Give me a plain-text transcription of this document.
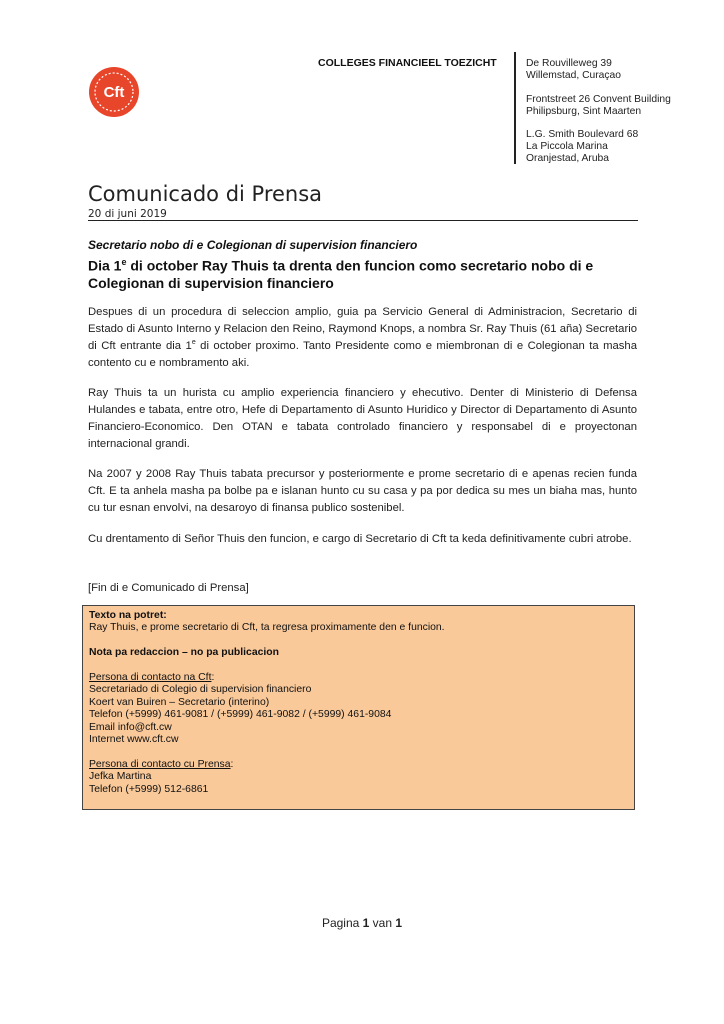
Cft
COLLEGES FINANCIEEL TOEZICHT	De Rouvilleweg 39
Willemstad, Curaçao
Frontstreet 26 Convent Building
Philipsburg, Sint Maarten
L.G. Smith Boulevard 68
La Piccola Marina
Oranjestad, Aruba
Comunicado di Prensa
20 di juni 2019
Secretario nobo di e Colegionan di supervision financiero
Dia 1e di october Ray Thuis ta drenta den funcion como secretario nobo di e Colegionan di supervision financiero
Despues di un procedura di seleccion amplio, guia pa Servicio General di Administracion, Secretario di Estado di Asunto Interno y Relacion den Reino, Raymond Knops, a nombra Sr. Ray Thuis (61 aña) Secretario di Cft entrante dia 1e di october proximo. Tanto Presidente como e miembronan di e Colegionan ta masha contento cu e nombramento aki.
Ray Thuis ta un hurista cu amplio experiencia financiero y ehecutivo. Denter di Ministerio di Defensa Hulandes e tabata, entre otro, Hefe di Departamento di Asunto Huridico y Director di Departamento di Asunto Financiero-Economico. Den OTAN e tabata controlado financiero y responsabel di e proyectonan internacional grandi.
Na 2007 y 2008 Ray Thuis tabata precursor y posteriormente e prome secretario di e apenas recien funda Cft. E ta anhela masha pa bolbe pa e islanan hunto cu su casa y pa por dedica su mes un biaha mas, hunto cu tur esnan envolvi, na desaroyo di finansa publico sostenibel.
Cu drentamento di Señor Thuis den funcion, e cargo di Secretario di Cft ta keda definitivamente cubri atrobe.
[Fin di e Comunicado di Prensa]
Texto na potret:
Ray Thuis, e prome secretario di Cft, ta regresa proximamente den e funcion.
Nota pa redaccion – no pa publicacion
Persona di contacto na Cft:
Secretariado di Colegio di supervision financiero
Koert van Buiren – Secretario (interino)
Telefon (+5999) 461-9081 / (+5999) 461-9082 / (+5999) 461-9084
Email info@cft.cw
Internet www.cft.cw
Persona di contacto cu Prensa:
Jefka Martina
Telefon (+5999) 512-6861
Pagina 1 van 1
